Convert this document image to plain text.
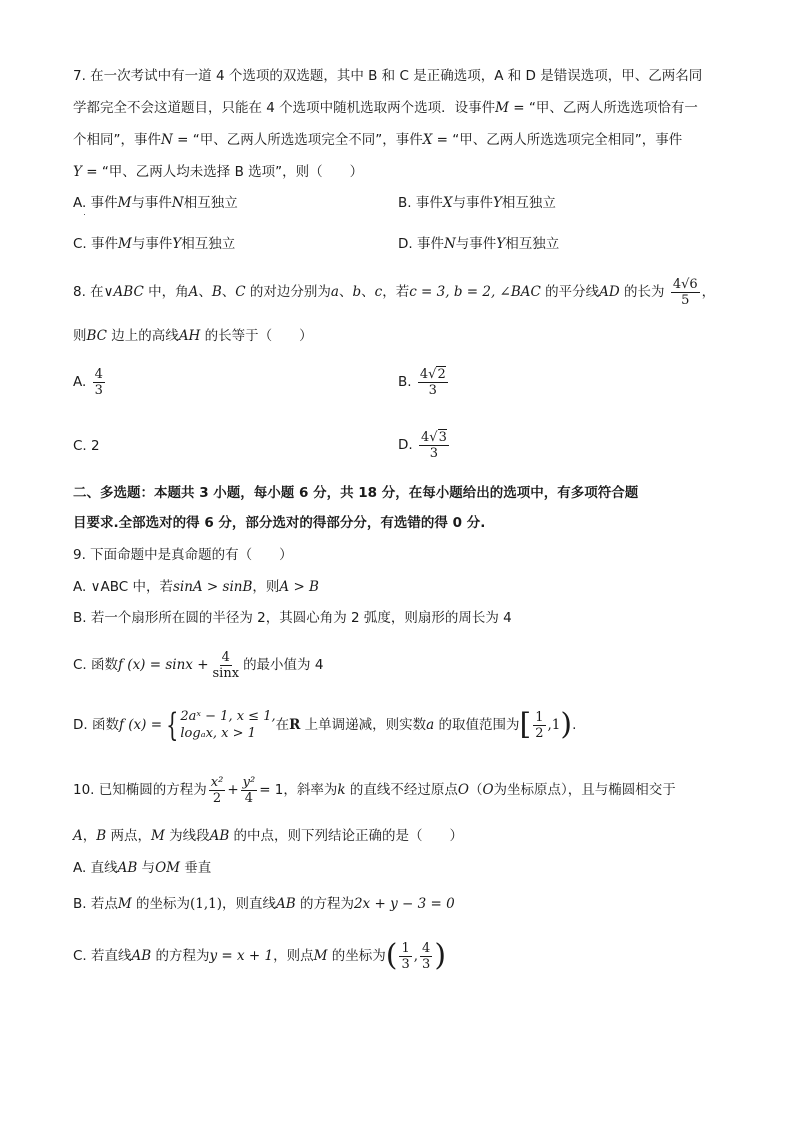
7. 在一次考试中有一道 4 个选项的双选题，其中 B 和 C 是正确选项，A 和 D 是错误选项，甲、乙两名同
学都完全不会这道题目，只能在 4 个选项中随机选取两个选项．设事件M = “甲、乙两人所选选项恰有一
个相同”，事件N = “甲、乙两人所选选项完全不同”，事件X = “甲、乙两人所选选项完全相同”，事件
Y = “甲、乙两人均未选择 B 选项”，则（　　）
A. 事件M与事件N相互独立	B. 事件X与事件Y相互独立
C. 事件M与事件Y相互独立	D. 事件N与事件Y相互独立
8. 在∨ABC 中，角A、B、C 的对边分别为a、b、c，若c = 3, b = 2, ∠BAC 的平分线AD 的长为 $\frac{4√6}{5}$ ，
则BC 边上的高线AH 的长等于（　　）
A. $\frac{4}{3}$	B. $\frac{4√2}{3}$
C. 2	D. $\frac{4√3}{3}$
二、多选题：本题共 3 小题，每小题 6 分，共 18 分，在每小题给出的选项中，有多项符合题
目要求.全部选对的得 6 分，部分选对的得部分分，有选错的得 0 分.
9. 下面命题中是真命题的有（　　）
A. ∨ABC 中，若sinA > sinB，则A > B
B. 若一个扇形所在圆的半径为 2，其圆心角为 2 弧度，则扇形的周长为 4
C. 函数f $(x) = \sin x + \frac{4}{\sin x}$ 的最小值为 4
D. 函数f (x) = { 2aˣ − 1, x ≤ 1,
logₐx, x > 1
在R 上单调递减，则实数a 的取值范围为[ $\frac{1}{2} ,1$).
10. 已知椭圆的方程为 $\frac{\text{x²}}{2} + \frac{\text{y²}}{4} = 1$，斜率为k 的直线不经过原点O（O为坐标原点），且与椭圆相交于
A，B 两点，M 为线段AB 的中点，则下列结论正确的是（　　）
A. 直线AB 与OM 垂直
B. 若点M 的坐标为(1,1)，则直线AB 的方程为2x + y − 3 = 0
C. 若直线AB 的方程为y = x + 1，则点M 的坐标为( $\frac{1}{3}$ , $\frac{4}{3}$ )
